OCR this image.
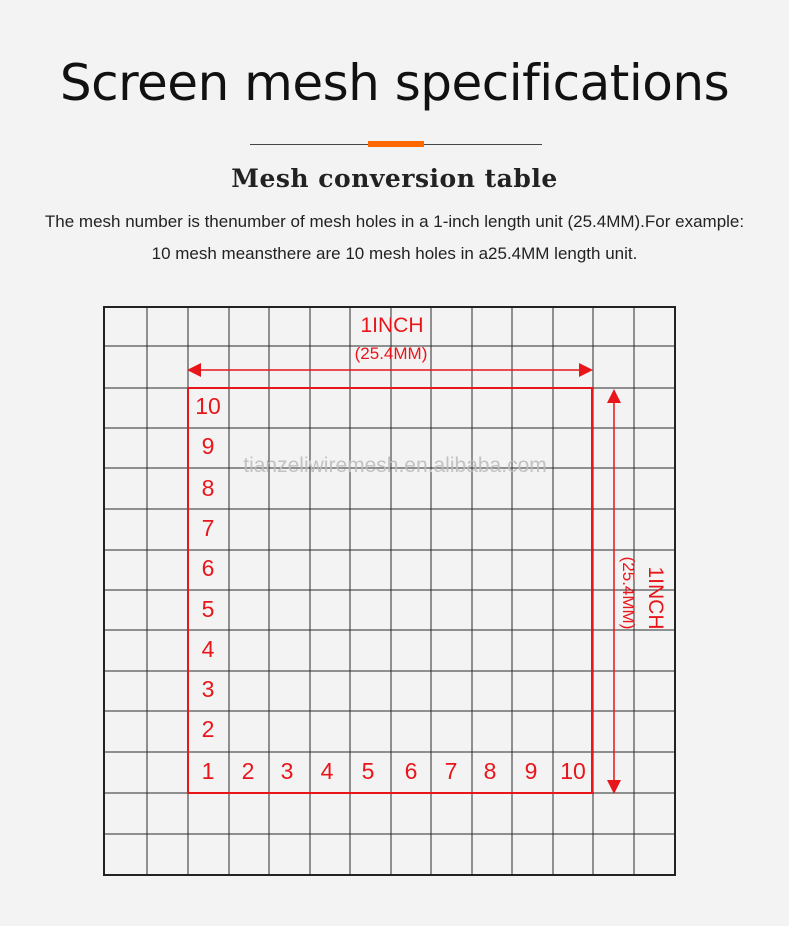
Screen mesh specifications
Mesh conversion table
The mesh number is thenumber of mesh holes in a 1-inch length unit (25.4MM).For example: 10 mesh meansthere are 10 mesh holes in a25.4MM length unit.
tianzeliwiremesh.en.alibaba.com
1INCH
(25.4MM)
1INCH
(25.4MM)
10
9
8
7
6
5
4
3
2
1 2 3 4 5 6 7 8 9 10
